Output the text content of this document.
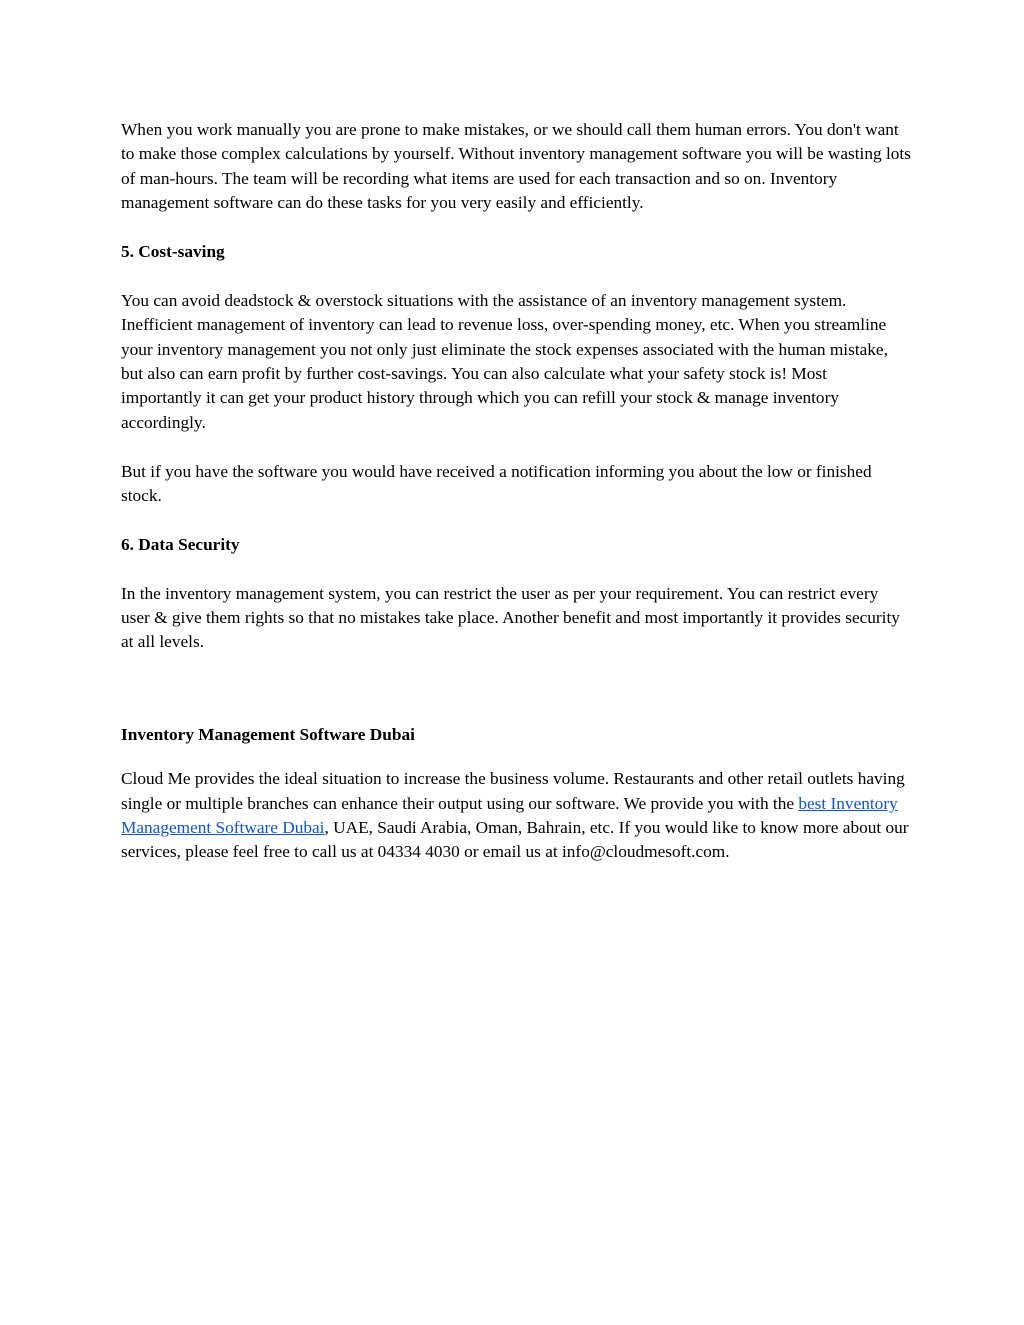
When you work manually you are prone to make mistakes, or we should call them human errors. You don't want to make those complex calculations by yourself. Without inventory management software you will be wasting lots of man-hours. The team will be recording what items are used for each transaction and so on. Inventory management software can do these tasks for you very easily and efficiently.

5. Cost-saving

You can avoid deadstock & overstock situations with the assistance of an inventory management system. Inefficient management of inventory can lead to revenue loss, over-spending money, etc. When you streamline your inventory management you not only just eliminate the stock expenses associated with the human mistake, but also can earn profit by further cost-savings. You can also calculate what your safety stock is! Most importantly it can get your product history through which you can refill your stock & manage inventory accordingly.

But if you have the software you would have received a notification informing you about the low or finished stock.

6. Data Security

In the inventory management system, you can restrict the user as per your requirement. You can restrict every user & give them rights so that no mistakes take place. Another benefit and most importantly it provides security at all levels.

Inventory Management Software Dubai

Cloud Me provides the ideal situation to increase the business volume. Restaurants and other retail outlets having single or multiple branches can enhance their output using our software. We provide you with the best Inventory Management Software Dubai, UAE, Saudi Arabia, Oman, Bahrain, etc. If you would like to know more about our services, please feel free to call us at 04334 4030 or email us at info@cloudmesoft.com.
